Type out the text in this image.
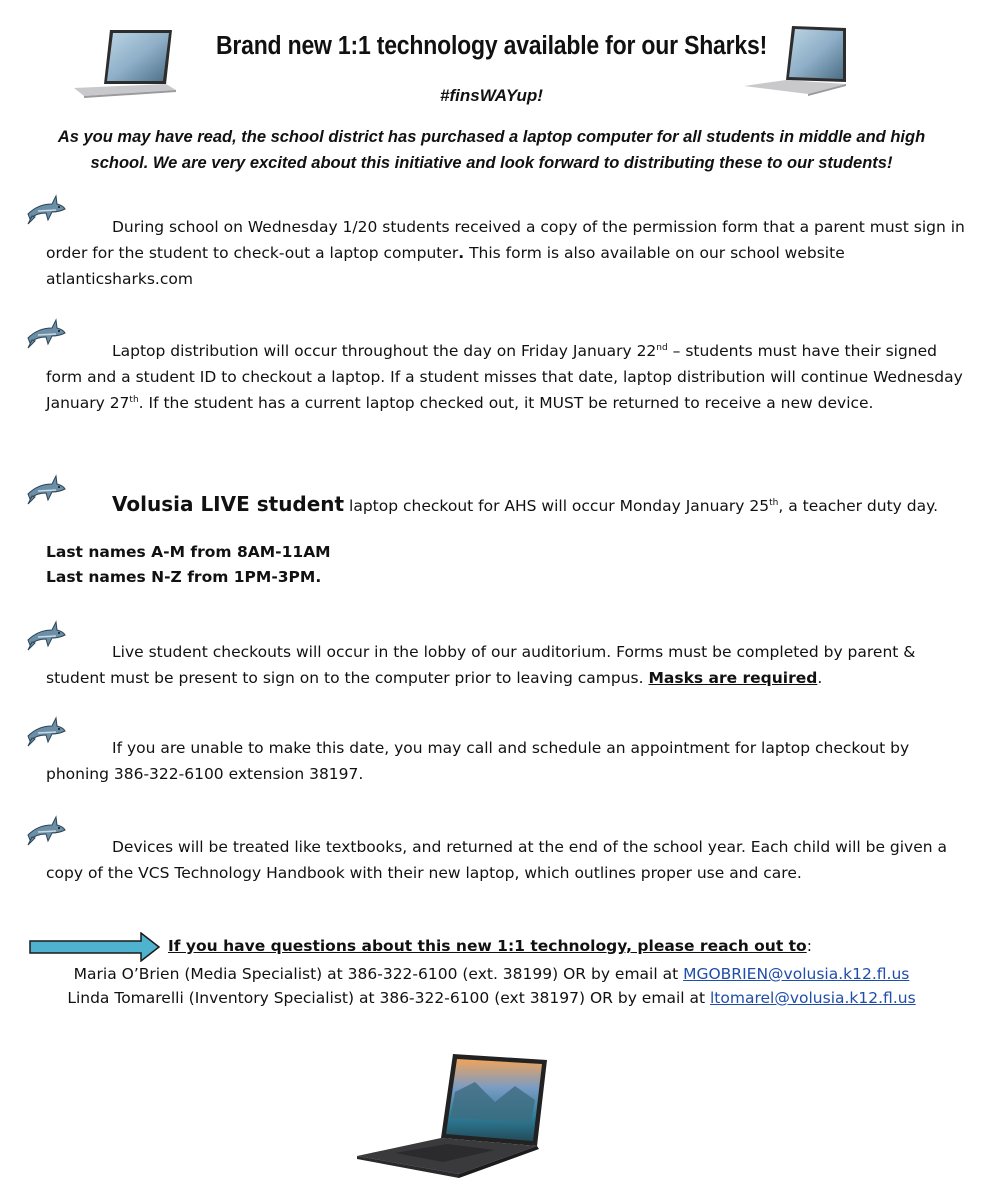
Brand new 1:1 technology available for our Sharks!
#finsWAYup!
As you may have read, the school district has purchased a laptop computer for all students in middle and high
school. We are very excited about this initiative and look forward to distributing these to our students!
During school on Wednesday 1/20 students received a copy of the permission form that a parent must sign in order for the student to check-out a laptop computer. This form is also available on our school website atlanticsharks.com
Laptop distribution will occur throughout the day on Friday January 22nd – students must have their signed form and a student ID to checkout a laptop. If a student misses that date, laptop distribution will continue Wednesday January 27th. If the student has a current laptop checked out, it MUST be returned to receive a new device.
Volusia LIVE student laptop checkout for AHS will occur Monday January 25th, a teacher duty day.
Last names A-M from 8AM-11AM
Last names N-Z from 1PM-3PM.
Live student checkouts will occur in the lobby of our auditorium. Forms must be completed by parent & student must be present to sign on to the computer prior to leaving campus. Masks are required.
If you are unable to make this date, you may call and schedule an appointment for laptop checkout by phoning 386-322-6100 extension 38197.
Devices will be treated like textbooks, and returned at the end of the school year. Each child will be given a copy of the VCS Technology Handbook with their new laptop, which outlines proper use and care.
If you have questions about this new 1:1 technology, please reach out to:
Maria O’Brien (Media Specialist) at 386-322-6100 (ext. 38199) OR by email at MGOBRIEN@volusia.k12.fl.us
Linda Tomarelli (Inventory Specialist) at 386-322-6100 (ext 38197) OR by email at ltomarel@volusia.k12.fl.us
